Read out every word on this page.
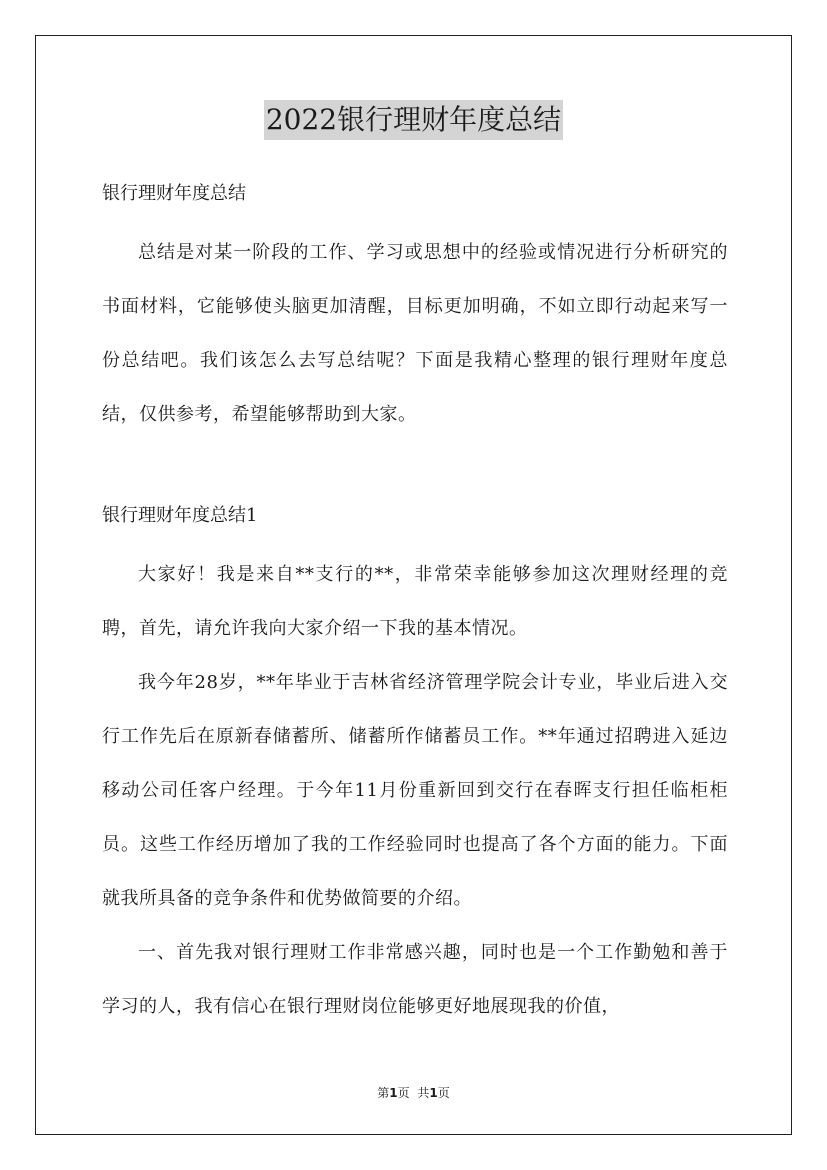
2022银行理财年度总结

银行理财年度总结

总结是对某一阶段的工作、学习或思想中的经验或情况进行分析研究的书面材料，它能够使头脑更加清醒，目标更加明确，不如立即行动起来写一份总结吧。我们该怎么去写总结呢？下面是我精心整理的银行理财年度总结，仅供参考，希望能够帮助到大家。

银行理财年度总结1

大家好！我是来自**支行的**，非常荣幸能够参加这次理财经理的竞聘，首先，请允许我向大家介绍一下我的基本情况。

我今年28岁，**年毕业于吉林省经济管理学院会计专业，毕业后进入交行工作先后在原新春储蓄所、储蓄所作储蓄员工作。**年通过招聘进入延边移动公司任客户经理。于今年11月份重新回到交行在春晖支行担任临柜柜员。这些工作经历增加了我的工作经验同时也提高了各个方面的能力。下面就我所具备的竞争条件和优势做简要的介绍。

一、首先我对银行理财工作非常感兴趣，同时也是一个工作勤勉和善于学习的人，我有信心在银行理财岗位能够更好地展现我的价值，

第1页 共1页
